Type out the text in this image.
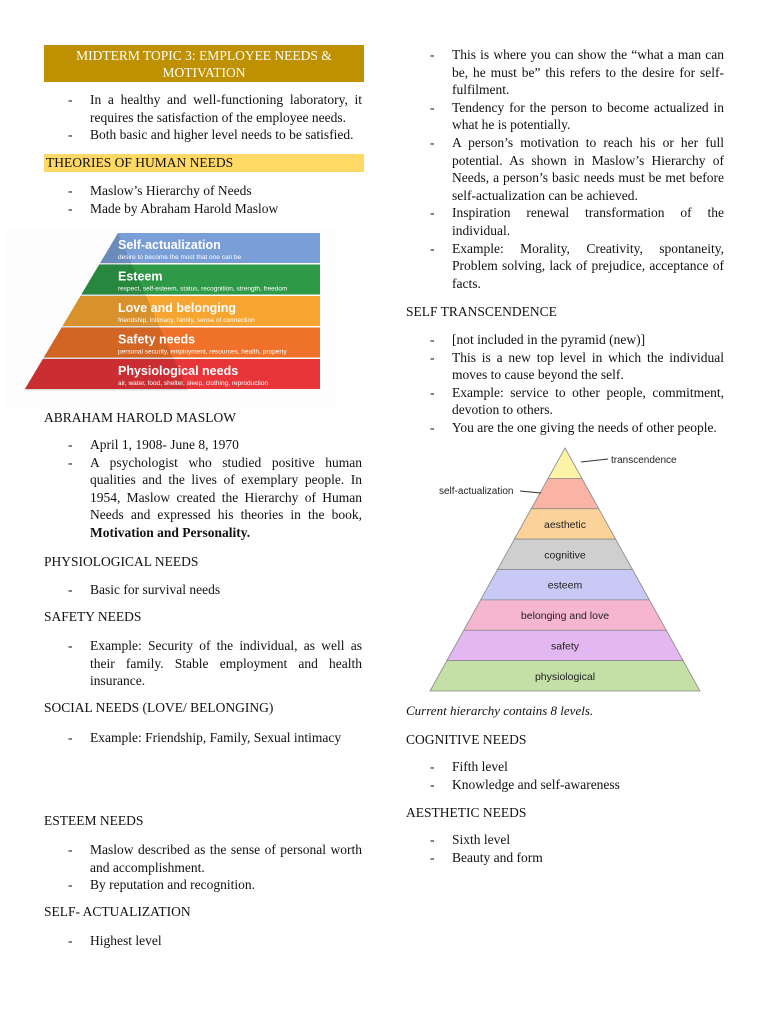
MIDTERM TOPIC 3: EMPLOYEE NEEDS &
MOTIVATION
- In a healthy and well-functioning laboratory, it requires the satisfaction of the employee needs.
- Both basic and higher level needs to be satisfied.
THEORIES OF HUMAN NEEDS
- Maslow’s Hierarchy of Needs
- Made by Abraham Harold Maslow
Self-actualization
desire to become the most that one can be
Esteem
respect, self-esteem, status, recognition, strength, freedom
Love and belonging
friendship, intimacy, family, sense of connection
Safety needs
personal security, employment, resources, health, property
Physiological needs
air, water, food, shelter, sleep, clothing, reproduction
ABRAHAM HAROLD MASLOW
- April 1, 1908- June 8, 1970
- A psychologist who studied positive human qualities and the lives of exemplary people. In 1954, Maslow created the Hierarchy of Human Needs and expressed his theories in the book, Motivation and Personality.
PHYSIOLOGICAL NEEDS
- Basic for survival needs
SAFETY NEEDS
- Example: Security of the individual, as well as their family. Stable employment and health insurance.
SOCIAL NEEDS (LOVE/ BELONGING)
- Example: Friendship, Family, Sexual intimacy
ESTEEM NEEDS
- Maslow described as the sense of personal worth and accomplishment.
- By reputation and recognition.
SELF- ACTUALIZATION
- Highest level
- This is where you can show the “what a man can be, he must be” this refers to the desire for self-fulfilment.
- Tendency for the person to become actualized in what he is potentially.
- A person’s motivation to reach his or her full potential. As shown in Maslow’s Hierarchy of Needs, a person’s basic needs must be met before self-actualization can be achieved.
- Inspiration renewal transformation of the individual.
- Example: Morality, Creativity, spontaneity, Problem solving, lack of prejudice, acceptance of facts.
SELF TRANSCENDENCE
- [not included in the pyramid (new)]
- This is a new top level in which the individual moves to cause beyond the self.
- Example: service to other people, commitment, devotion to others.
- You are the one giving the needs of other people.
aesthetic
cognitive
esteem
belonging and love
safety
physiological
transcendence
self-actualization
Current hierarchy contains 8 levels.
COGNITIVE NEEDS
- Fifth level
- Knowledge and self-awareness
AESTHETIC NEEDS
- Sixth level
- Beauty and form
